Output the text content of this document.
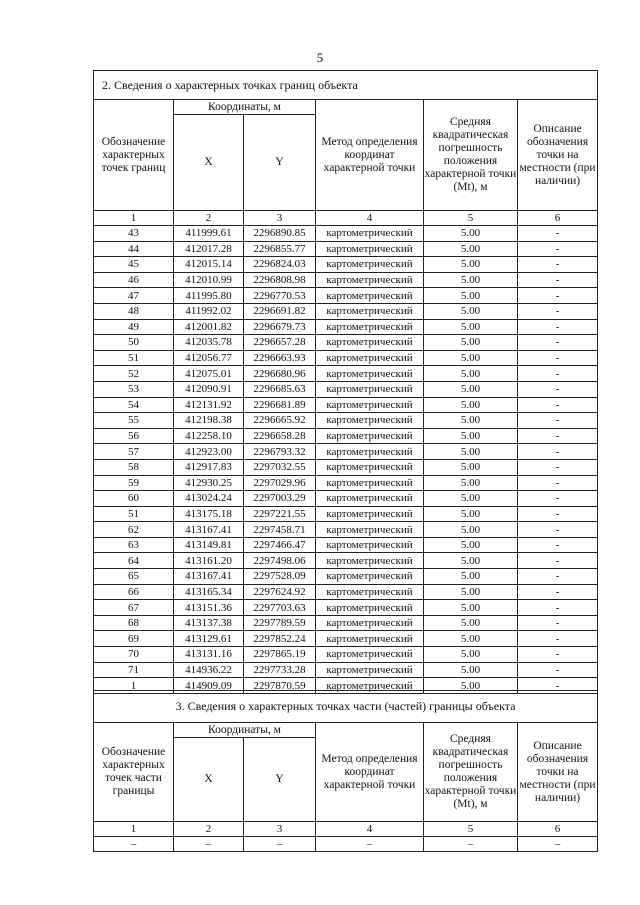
5
2. Сведения о характерных точках границ объекта					
Обозначение характерных точек границ	Координаты, м		Метод определения координат характерной точки	Средняя квадратическая погрешность положения характерной точки (Mt), м	Описание обозначения точки на местности (при наличии)
	X	Y			
1	2	3	4	5	6
43	411999.61	2296890.85	картометрический	5.00	-
44	412017.28	2296855.77	картометрический	5.00	-
45	412015.14	2296824.03	картометрический	5.00	-
46	412010.99	2296808.98	картометрический	5.00	-
47	411995.80	2296770.53	картометрический	5.00	-
48	411992.02	2296691.82	картометрический	5.00	-
49	412001.82	2296679.73	картометрический	5.00	-
50	412035.78	2296657.28	картометрический	5.00	-
51	412056.77	2296663.93	картометрический	5.00	-
52	412075.01	2296680.96	картометрический	5.00	-
53	412090.91	2296685.63	картометрический	5.00	-
54	412131.92	2296681.89	картометрический	5.00	-
55	412198.38	2296665.92	картометрический	5.00	-
56	412258.10	2296658.28	картометрический	5.00	-
57	412923.00	2296793.32	картометрический	5.00	-
58	412917.83	2297032.55	картометрический	5.00	-
59	412930.25	2297029.96	картометрический	5.00	-
60	413024.24	2297003.29	картометрический	5.00	-
51	413175.18	2297221.55	картометрический	5.00	-
62	413167.41	2297458.71	картометрический	5.00	-
63	413149.81	2297466.47	картометрический	5.00	-
64	413161.20	2297498.06	картометрический	5.00	-
65	413167.41	2297528.09	картометрический	5.00	-
66	413165.34	2297624.92	картометрический	5.00	-
67	413151.36	2297703.63	картометрический	5.00	-
68	413137.38	2297789.59	картометрический	5.00	-
69	413129.61	2297852.24	картометрический	5.00	-
70	413131.16	2297865.19	картометрический	5.00	-
71	414936.22	2297733.28	картометрический	5.00	-
1	414909.09	2297870.59	картометрический	5.00	-
3. Сведения о характерных точках части (частей) границы объекта					
Обозначение характерных точек части границы	Координаты, м		Метод определения координат характерной точки	Средняя квадратическая погрешность положения характерной точки (Mt), м	Описание обозначения точки на местности (при наличии)
	X	Y			
1	2	3	4	5	6
–	–	–	–	–	–
